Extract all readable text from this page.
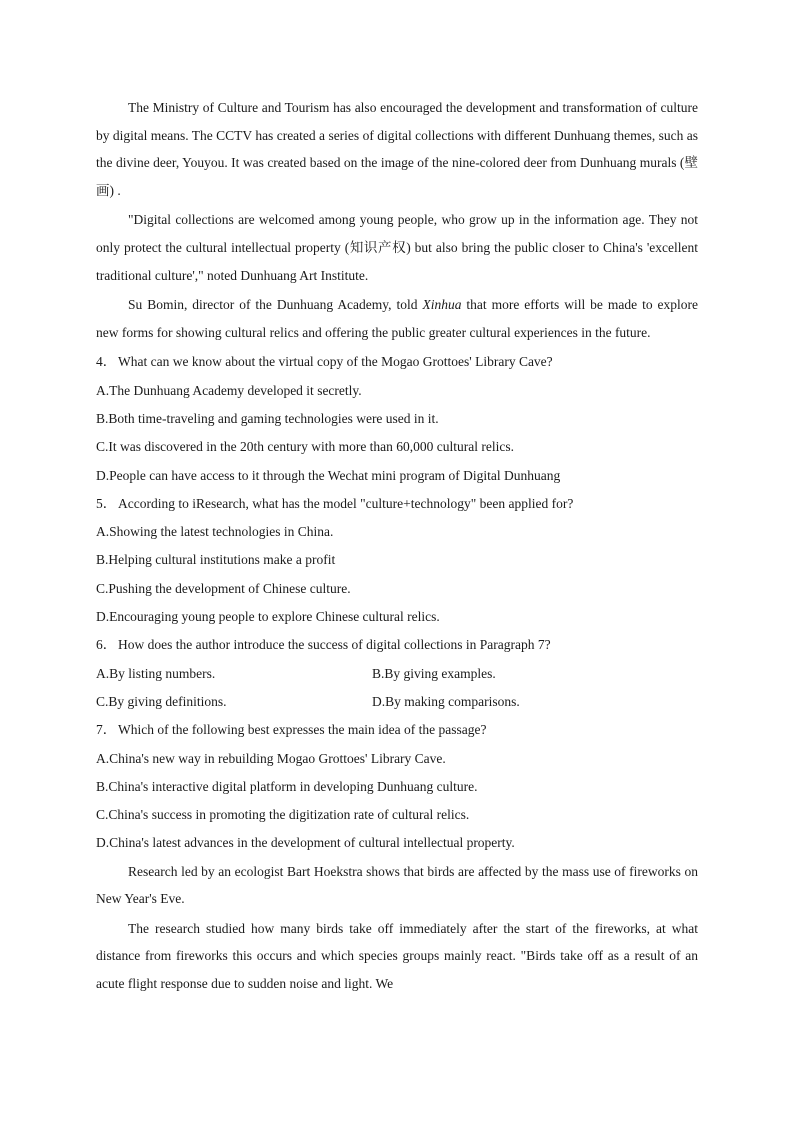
The Ministry of Culture and Tourism has also encouraged the development and transformation of culture by digital means. The CCTV has created a series of digital collections with different Dunhuang themes, such as the divine deer, Youyou. It was created based on the image of the nine-colored deer from Dunhuang murals (壁画) .

"Digital collections are welcomed among young people, who grow up in the information age. They not only protect the cultural intellectual property (知识产权) but also bring the public closer to China's 'excellent traditional culture'," noted Dunhuang Art Institute.

Su Bomin, director of the Dunhuang Academy, told Xinhua that more efforts will be made to explore new forms for showing cultural relics and offering the public greater cultural experiences in the future.

4． What can we know about the virtual copy of the Mogao Grottoes' Library Cave?

A.The Dunhuang Academy developed it secretly.

B.Both time-traveling and gaming technologies were used in it.

C.It was discovered in the 20th century with more than 60,000 cultural relics.

D.People can have access to it through the Wechat mini program of Digital Dunhuang

5． According to iResearch, what has the model "culture+technology" been applied for?

A.Showing the latest technologies in China.

B.Helping cultural institutions make a profit

C.Pushing the development of Chinese culture.

D.Encouraging young people to explore Chinese cultural relics.

6． How does the author introduce the success of digital collections in Paragraph 7?

A.By listing numbers.	B.By giving examples.
C.By giving definitions.	D.By making comparisons.

7． Which of the following best expresses the main idea of the passage?

A.China's new way in rebuilding Mogao Grottoes' Library Cave.

B.China's interactive digital platform in developing Dunhuang culture.

C.China's success in promoting the digitization rate of cultural relics.

D.China's latest advances in the development of cultural intellectual property.

Research led by an ecologist Bart Hoekstra shows that birds are affected by the mass use of fireworks on New Year's Eve.

The research studied how many birds take off immediately after the start of the fireworks, at what distance from fireworks this occurs and which species groups mainly react. "Birds take off as a result of an acute flight response due to sudden noise and light. We
